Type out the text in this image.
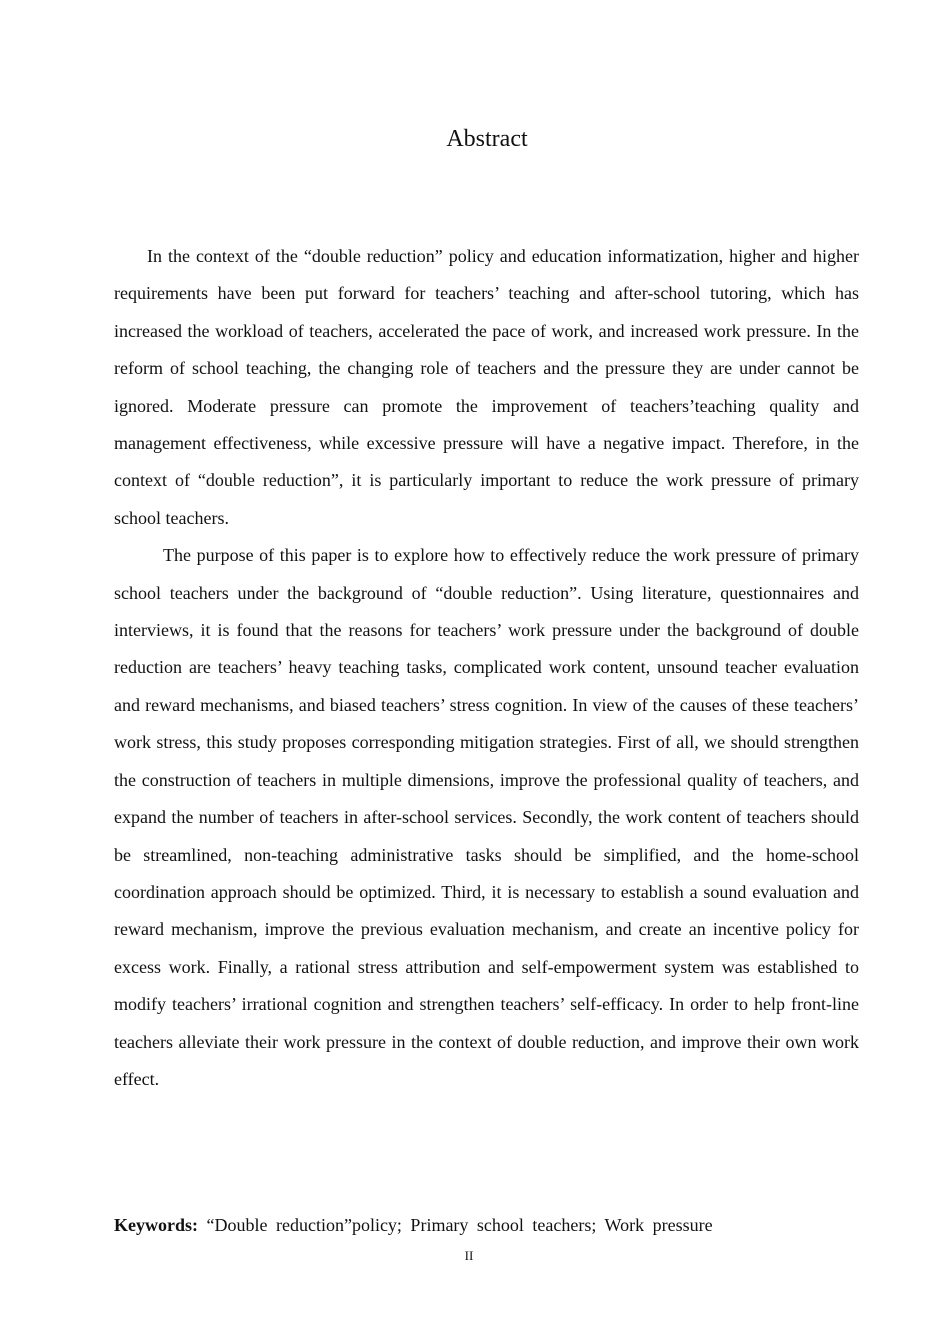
Abstract

In the context of the “double reduction” policy and education informatization, higher and higher requirements have been put forward for teachers’ teaching and after-school tutoring, which has increased the workload of teachers, accelerated the pace of work, and increased work pressure. In the reform of school teaching, the changing role of teachers and the pressure they are under cannot be ignored. Moderate pressure can promote the improvement of teachers’teaching quality and management effectiveness, while excessive pressure will have a negative impact. Therefore, in the context of “double reduction”, it is particularly important to reduce the work pressure of primary school teachers.

The purpose of this paper is to explore how to effectively reduce the work pressure of primary school teachers under the background of “double reduction”. Using literature, questionnaires and interviews, it is found that the reasons for teachers’ work pressure under the background of double reduction are teachers’ heavy teaching tasks, complicated work content, unsound teacher evaluation and reward mechanisms, and biased teachers’ stress cognition. In view of the causes of these teachers’ work stress, this study proposes corresponding mitigation strategies. First of all, we should strengthen the construction of teachers in multiple dimensions, improve the professional quality of teachers, and expand the number of teachers in after-school services. Secondly, the work content of teachers should be streamlined, non-teaching administrative tasks should be simplified, and the home-school coordination approach should be optimized. Third, it is necessary to establish a sound evaluation and reward mechanism, improve the previous evaluation mechanism, and create an incentive policy for excess work. Finally, a rational stress attribution and self-empowerment system was established to modify teachers’ irrational cognition and strengthen teachers’ self-efficacy. In order to help front-line teachers alleviate their work pressure in the context of double reduction, and improve their own work effect.

Keywords: “Double reduction”policy; Primary school teachers; Work pressure
II
